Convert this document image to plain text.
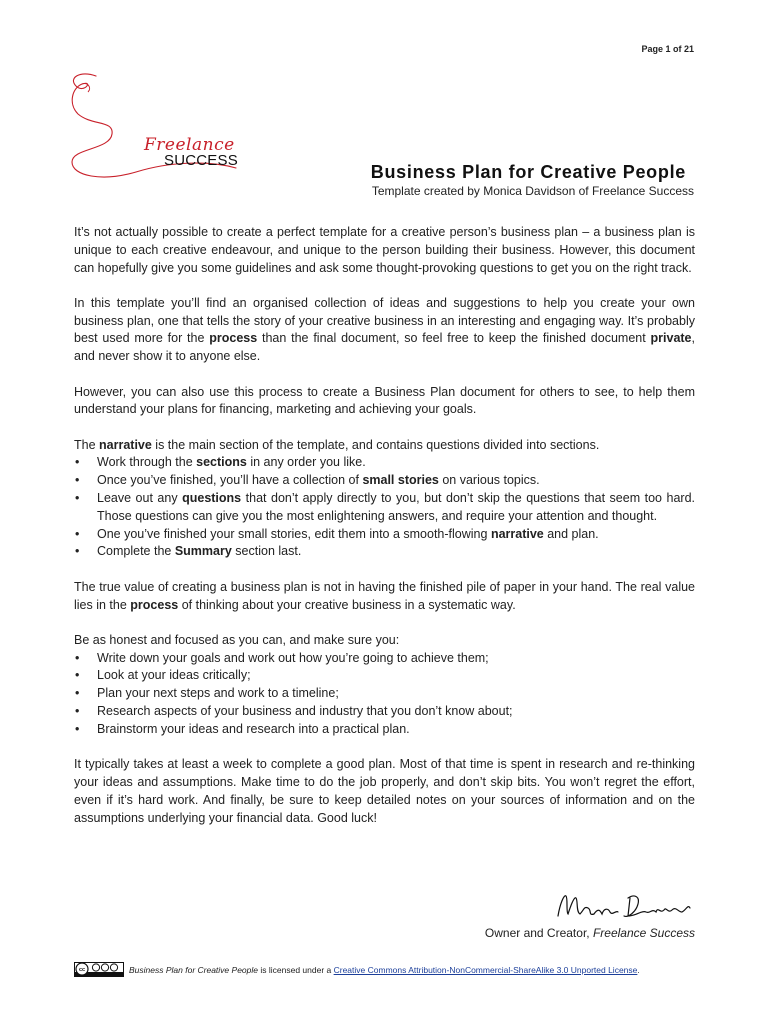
Page 1 of 21
Freelance
SUCCESS
Business Plan for Creative People
Template created by Monica Davidson of Freelance Success

It’s not actually possible to create a perfect template for a creative person’s business plan – a business plan is unique to each creative endeavour, and unique to the person building their business. However, this document can hopefully give you some guidelines and ask some thought-provoking questions to get you on the right track.

In this template you’ll find an organised collection of ideas and suggestions to help you create your own business plan, one that tells the story of your creative business in an interesting and engaging way. It’s probably best used more for the process than the final document, so feel free to keep the finished document private, and never show it to anyone else.

However, you can also use this process to create a Business Plan document for others to see, to help them understand your plans for financing, marketing and achieving your goals.

The narrative is the main section of the template, and contains questions divided into sections.

• Work through the sections in any order you like.
• Once you’ve finished, you’ll have a collection of small stories on various topics.
• Leave out any questions that don’t apply directly to you, but don’t skip the questions that seem too hard. Those questions can give you the most enlightening answers, and require your attention and thought.
• One you’ve finished your small stories, edit them into a smooth-flowing narrative and plan.
• Complete the Summary section last.

The true value of creating a business plan is not in having the finished pile of paper in your hand. The real value lies in the process of thinking about your creative business in a systematic way.

Be as honest and focused as you can, and make sure you:

• Write down your goals and work out how you’re going to achieve them;
• Look at your ideas critically;
• Plan your next steps and work to a timeline;
• Research aspects of your business and industry that you don’t know about;
• Brainstorm your ideas and research into a practical plan.

It typically takes at least a week to complete a good plan. Most of that time is spent in research and re-thinking your ideas and assumptions. Make time to do the job properly, and don’t skip bits. You won’t regret the effort, even if it’s hard work. And finally, be sure to keep detailed notes on your sources of information and on the assumptions underlying your financial data. Good luck!

Owner and Creator, Freelance Success
cc	Business Plan for Creative People is licensed under a Creative Commons Attribution-NonCommercial-ShareAlike 3.0 Unported License.
